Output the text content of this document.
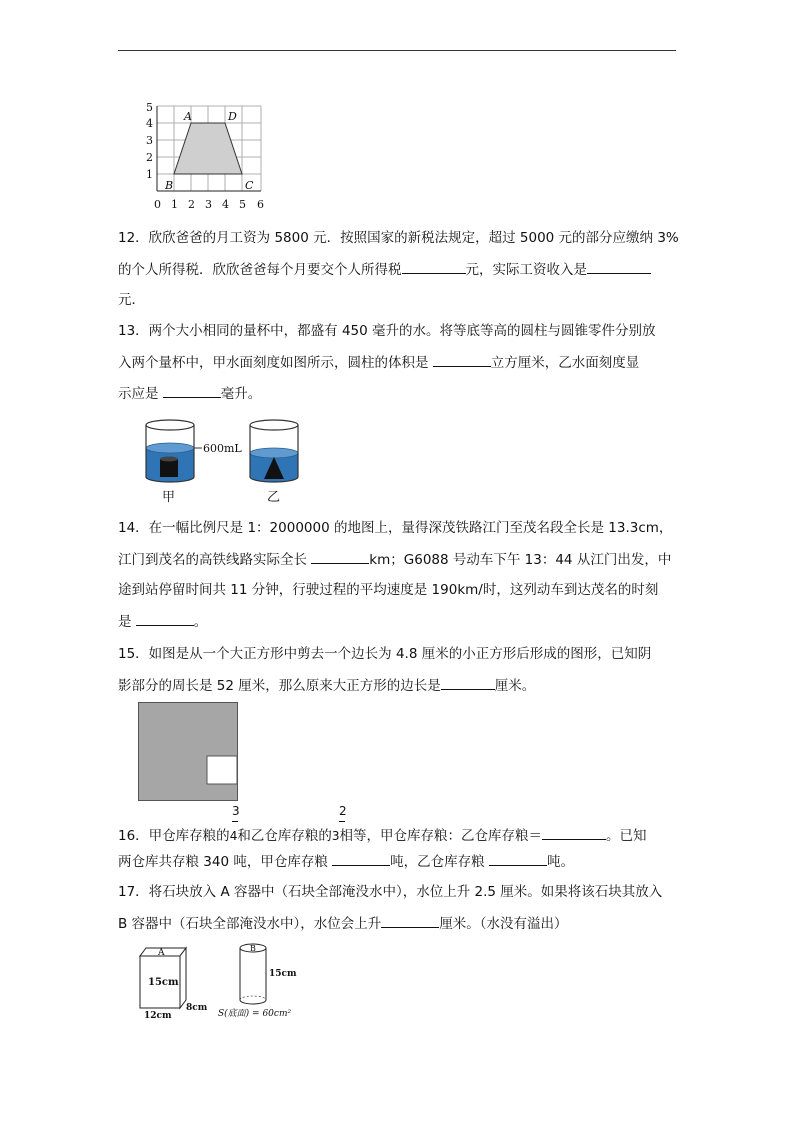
1
2
3
4
5
0 1 2 3 4 5 6
A	D
B	C
12．欣欣爸爸的月工资为 5800 元．按照国家的新税法规定，超过 5000 元的部分应缴纳 3%
的个人所得税．欣欣爸爸每个月要交个人所得税	元，实际工资收入是
元．
13．两个大小相同的量杯中，都盛有 450 毫升的水。将等底等高的圆柱与圆锥零件分别放
入两个量杯中，甲水面刻度如图所示，圆柱的体积是	立方厘米，乙水面刻度显
示应是	毫升。
600mL
甲	乙
14．在一幅比例尺是 1：2000000 的地图上，量得深茂铁路江门至茂名段全长是 13.3cm，
江门到茂名的高铁线路实际全长	km；G6088 号动车下午 13：44 从江门出发，中
途到站停留时间共 11 分钟，行驶过程的平均速度是 190km/时，这列动车到达茂名的时刻
是	。
15．如图是从一个大正方形中剪去一个边长为 4.8 厘米的小正方形后形成的图形，已知阴
影部分的周长是 52 厘米，那么原来大正方形的边长是	厘米。
3	2
16．甲仓库存粮的4和乙仓库存粮的3相等，甲仓库存粮：乙仓库存粮＝	。已知
两仓库共存粮 340 吨，甲仓库存粮	吨，乙仓库存粮	吨。
17．将石块放入 A 容器中（石块全部淹没水中），水位上升 2.5 厘米。如果将该石块其放入
B 容器中（石块全部淹没水中），水位会上升	厘米。（水没有溢出）
A
15cm
8cm
12cm
B
15cm
S(底面) = 60cm²
